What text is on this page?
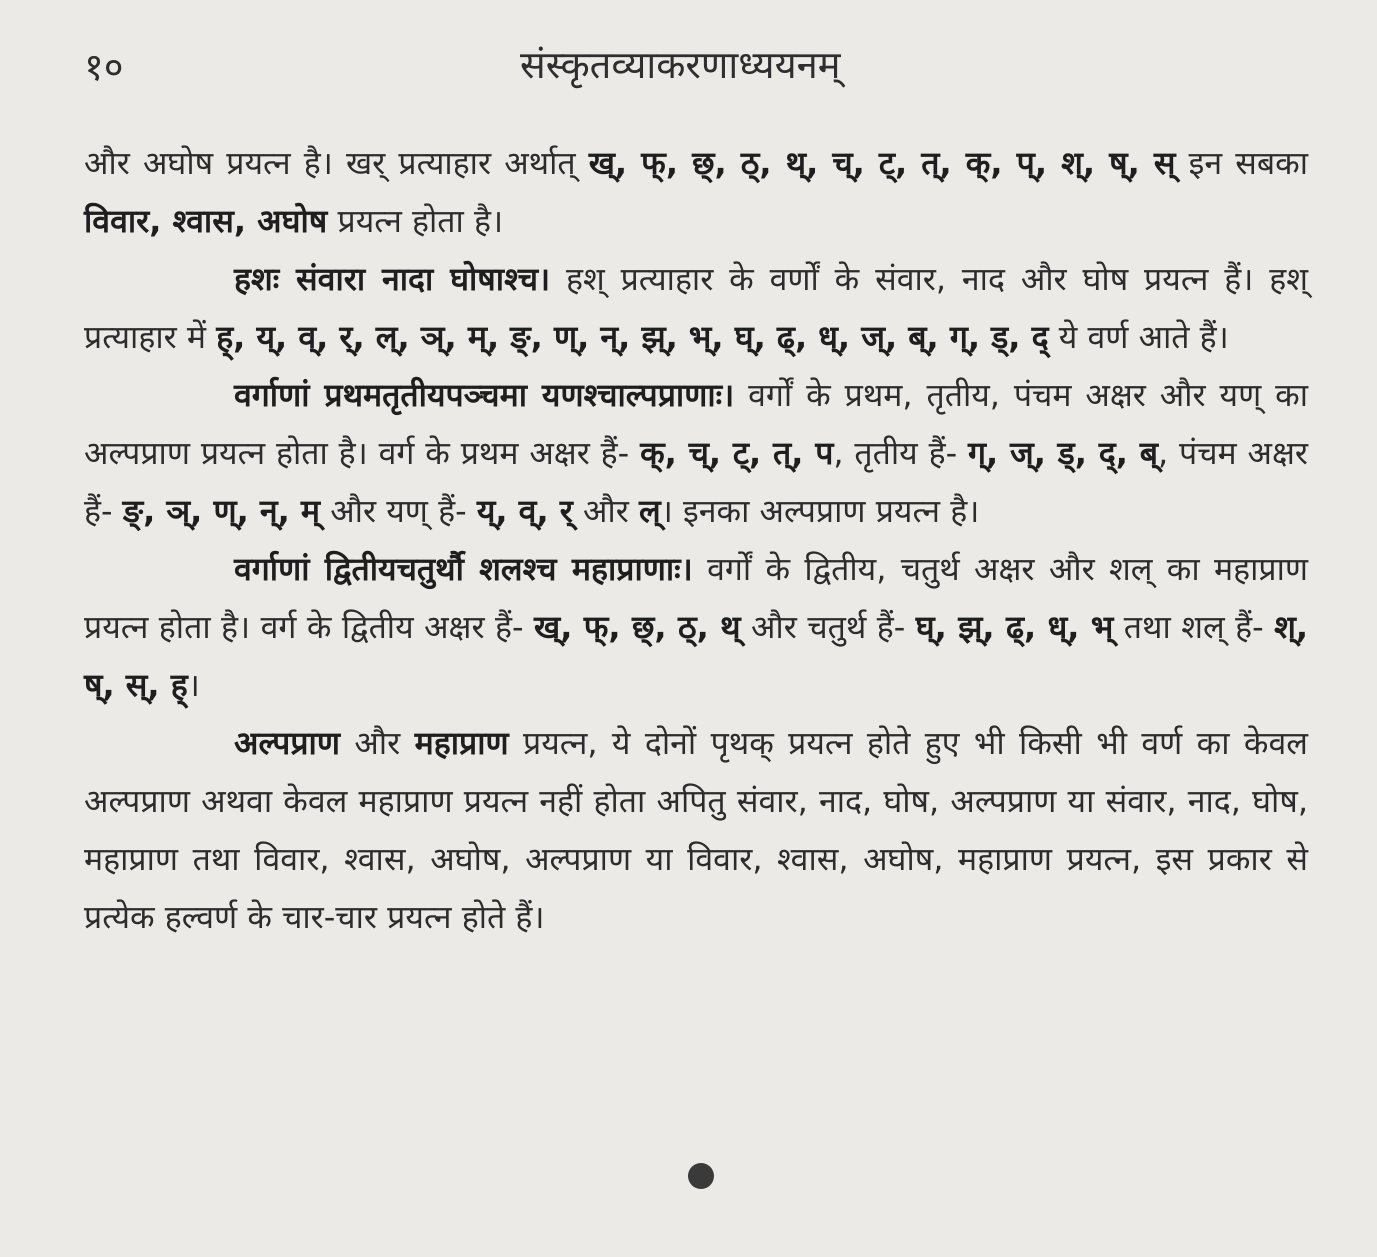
१०	संस्कृतव्याकरणाध्ययनम्

और अघोष प्रयत्न है। खर् प्रत्याहार अर्थात् ख्, फ्, छ्, ठ्, थ्, च्, ट्, त्, क्, प्, श्, ष्, स् इन सबका विवार, श्वास, अघोष प्रयत्न होता है।

हशः संवारा नादा घोषाश्च। हश् प्रत्याहार के वर्णों के संवार, नाद और घोष प्रयत्न हैं। हश् प्रत्याहार में ह्, य्, व्, र्, ल्, ञ्, म्, ङ्, ण्, न्, झ्, भ्, घ्, ढ्, ध्, ज्, ब्, ग्, ड्, द् ये वर्ण आते हैं।

वर्गाणां प्रथमतृतीयपञ्चमा यणश्चाल्पप्राणाः। वर्गों के प्रथम, तृतीय, पंचम अक्षर और यण् का अल्पप्राण प्रयत्न होता है। वर्ग के प्रथम अक्षर हैं- क्, च्, ट्, त्, प, तृतीय हैं- ग्, ज्, ड्, द्, ब्, पंचम अक्षर हैं- ङ्, ञ्, ण्, न्, म् और यण् हैं- य्, व्, र् और ल्। इनका अल्पप्राण प्रयत्न है।

वर्गाणां द्वितीयचतुर्थौ शलश्च महाप्राणाः। वर्गों के द्वितीय, चतुर्थ अक्षर और शल् का महाप्राण प्रयत्न होता है। वर्ग के द्वितीय अक्षर हैं- ख्, फ्, छ्, ठ्, थ् और चतुर्थ हैं- घ्, झ्, ढ्, ध्, भ् तथा शल् हैं- श्, ष्, स्, ह्।

अल्पप्राण और महाप्राण प्रयत्न, ये दोनों पृथक् प्रयत्न होते हुए भी किसी भी वर्ण का केवल अल्पप्राण अथवा केवल महाप्राण प्रयत्न नहीं होता अपितु संवार, नाद, घोष, अल्पप्राण या संवार, नाद, घोष, महाप्राण तथा विवार, श्वास, अघोष, अल्पप्राण या विवार, श्वास, अघोष, महाप्राण प्रयत्न, इस प्रकार से प्रत्येक हल्वर्ण के चार-चार प्रयत्न होते हैं।
